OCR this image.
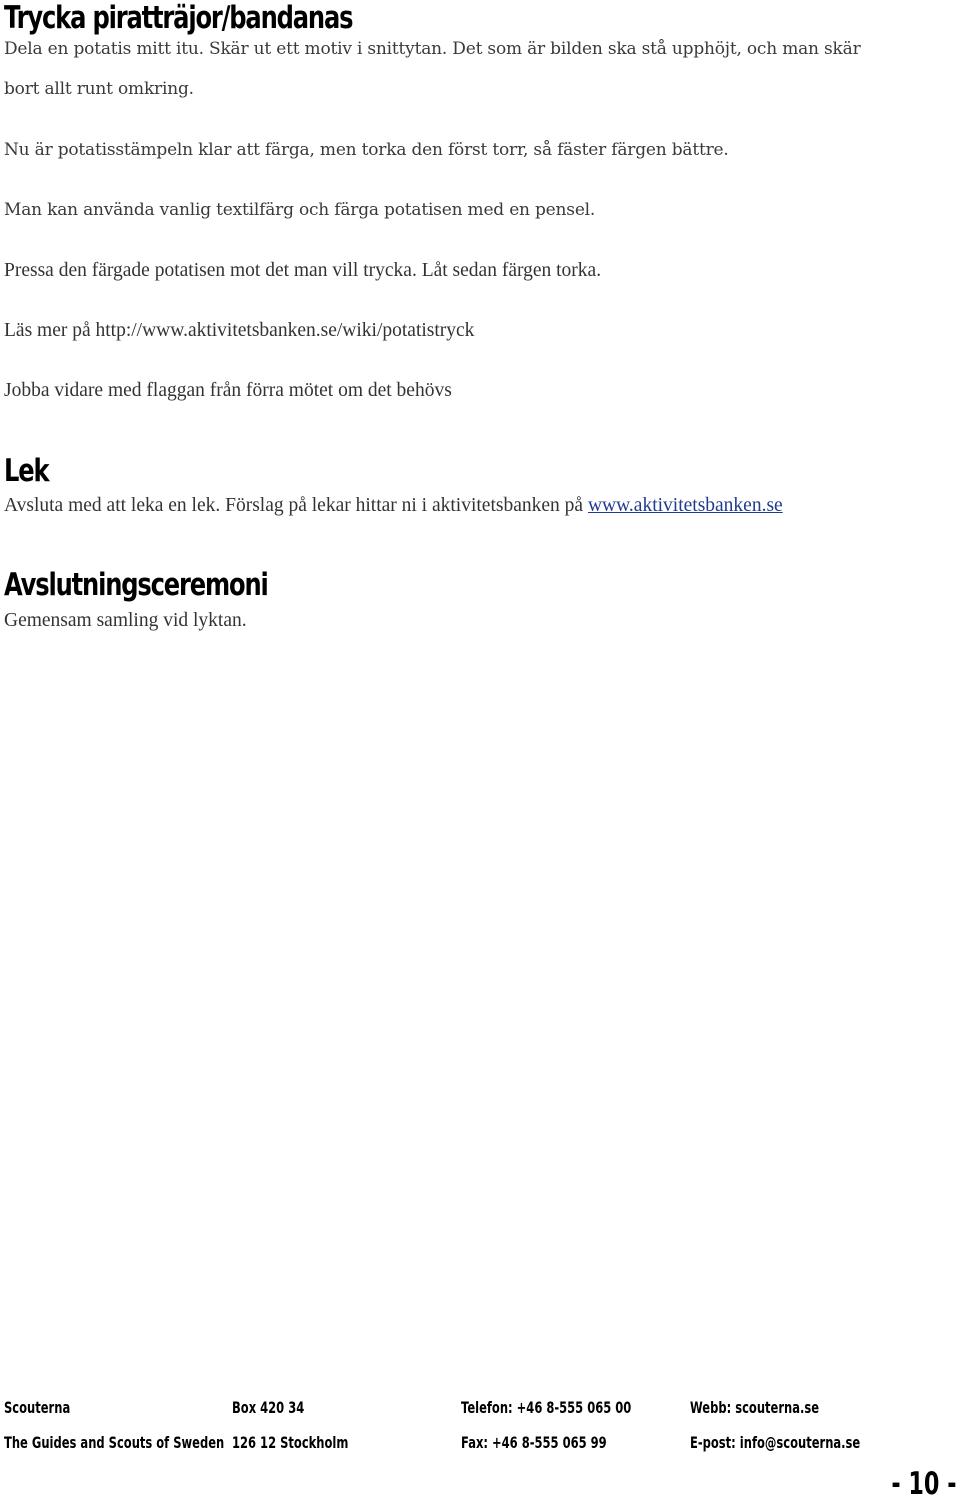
Trycka piratträjor/bandanas

Dela en potatis mitt itu. Skär ut ett motiv i snittytan. Det som är bilden ska stå upphöjt, och man skär

bort allt runt omkring.

Nu är potatisstämpeln klar att färga, men torka den först torr, så fäster färgen bättre.

Man kan använda vanlig textilfärg och färga potatisen med en pensel.

Pressa den färgade potatisen mot det man vill trycka. Låt sedan färgen torka.

Läs mer på http://www.aktivitetsbanken.se/wiki/potatistryck

Jobba vidare med flaggan från förra mötet om det behövs

Lek

Avsluta med att leka en lek. Förslag på lekar hittar ni i aktivitetsbanken på www.aktivitetsbanken.se

Avslutningsceremoni

Gemensam samling vid lyktan.

Scouterna
The Guides and Scouts of Sweden
Box 420 34
126 12 Stockholm
Telefon: +46 8-555 065 00
Fax: +46 8-555 065 99
Webb: scouterna.se
E-post: info@scouterna.se
- 10 -
